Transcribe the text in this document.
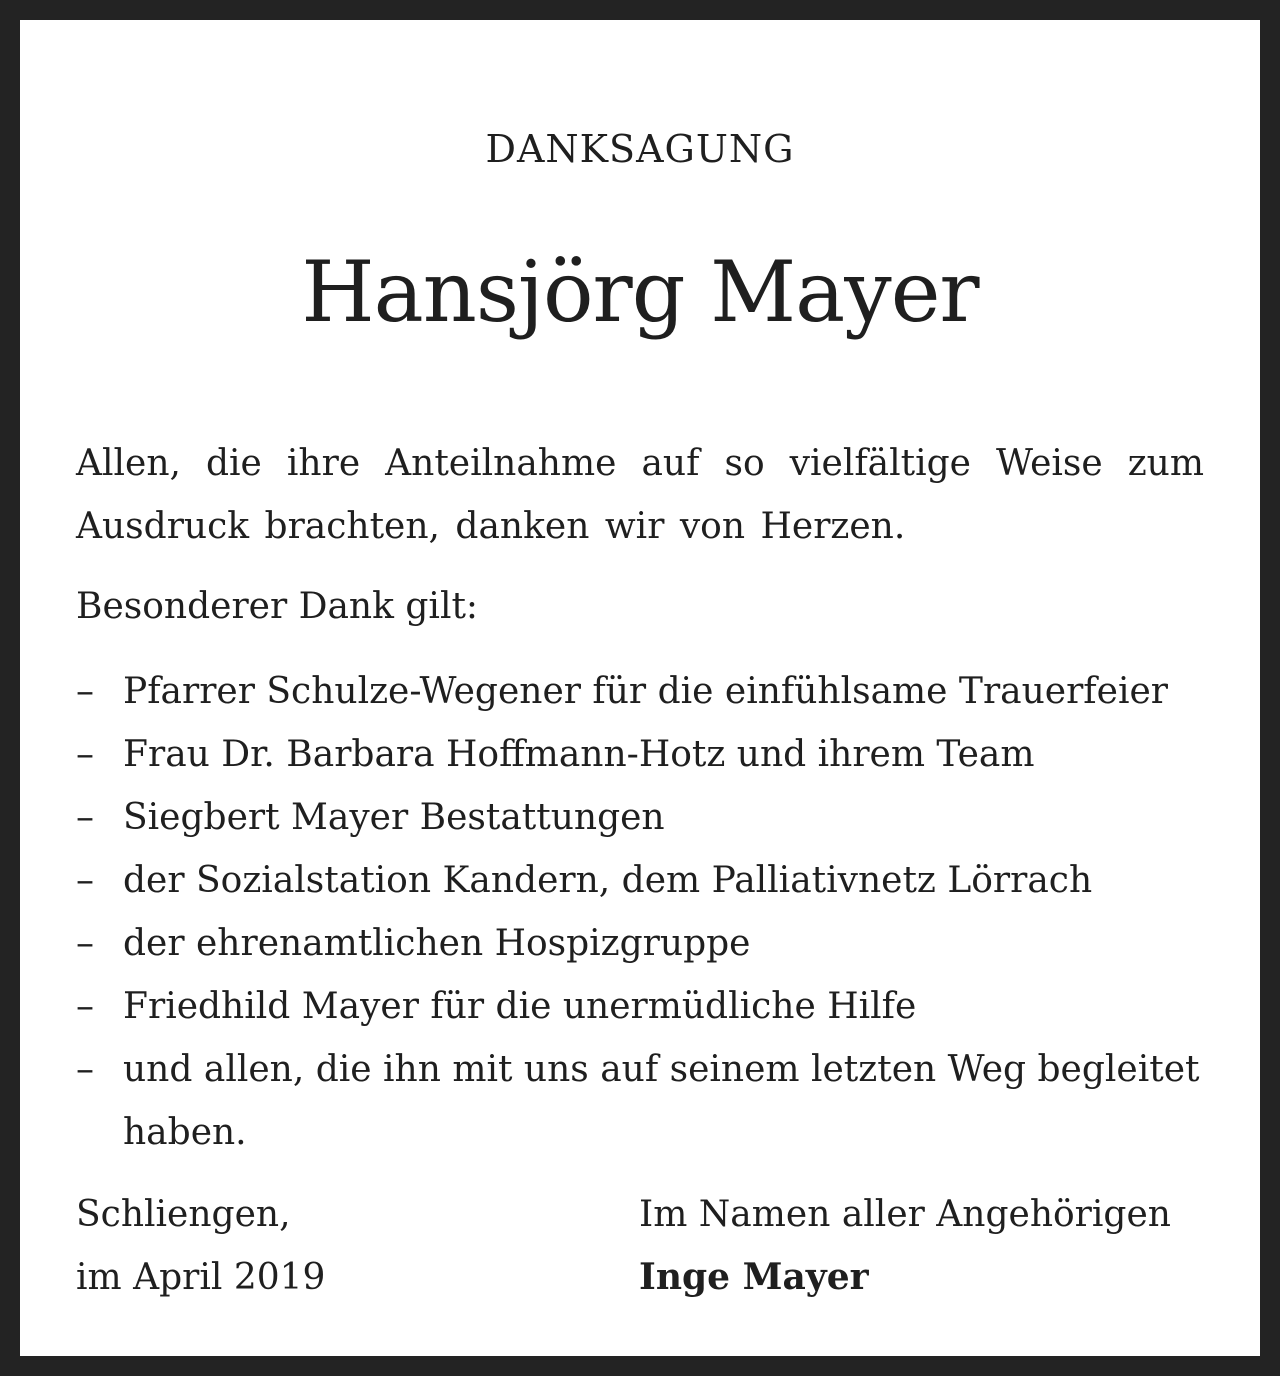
DANKSAGUNG
Hansjörg Mayer
Allen, die ihre Anteilnahme auf so vielfältige Weise zum Ausdruck brachten, danken wir von Herzen.
Besonderer Dank gilt:
– Pfarrer Schulze-Wegener für die einfühlsame Trauerfeier
– Frau Dr. Barbara Hoffmann-Hotz und ihrem Team
– Siegbert Mayer Bestattungen
– der Sozialstation Kandern, dem Palliativnetz Lörrach
– der ehrenamtlichen Hospizgruppe
– Friedhild Mayer für die unermüdliche Hilfe
– und allen, die ihn mit uns auf seinem letzten Weg begleitet haben.
Schliengen,
im April 2019
Im Namen aller Angehörigen
Inge Mayer
